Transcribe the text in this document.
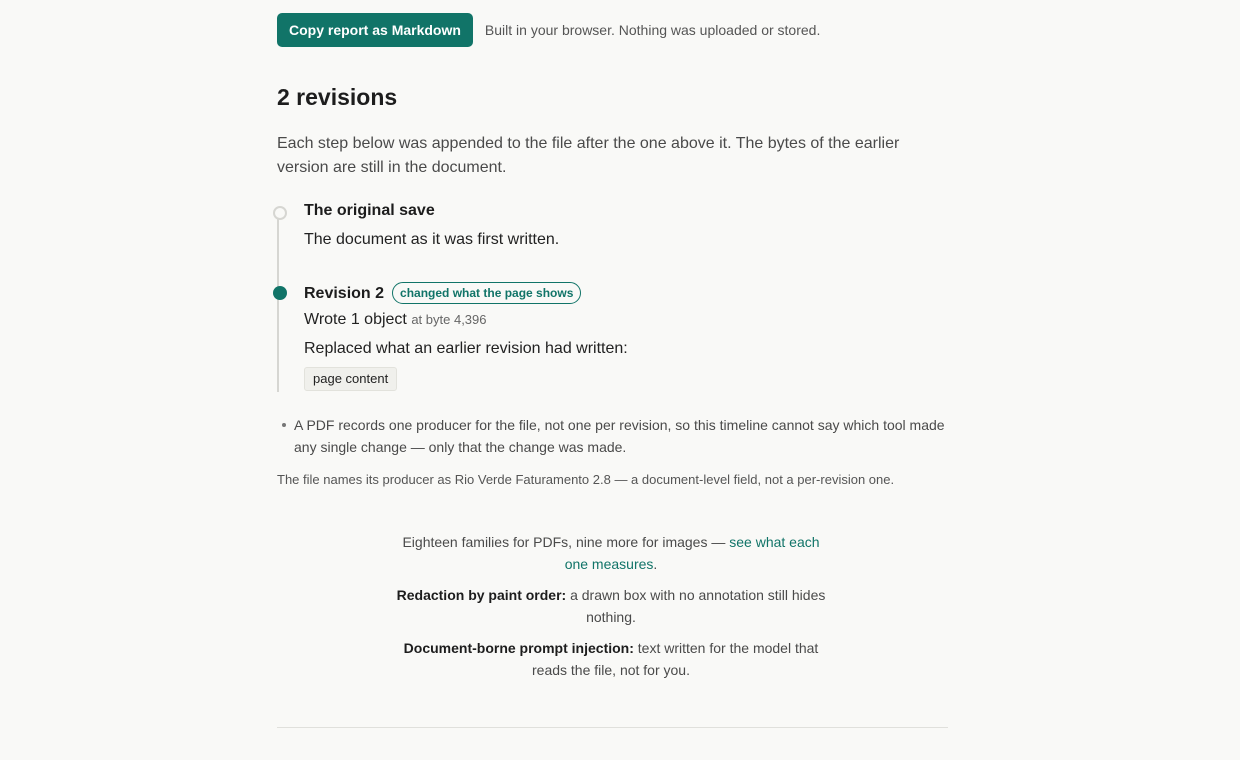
Copy report as Markdown	Built in your browser. Nothing was uploaded or stored.
2 revisions

Each step below was appended to the file after the one above it. The bytes of the earlier version are still in the document.

The original save
The document as it was first written.
Revision 2 changed what the page shows
Wrote 1 object at byte 4,396
Replaced what an earlier revision had written:
page content
A PDF records one producer for the file, not one per revision, so this timeline cannot say which tool made any single change — only that the change was made.

The file names its producer as Rio Verde Faturamento 2.8 — a document-level field, not a per-revision one.

Eighteen families for PDFs, nine more for images — see what each one measures.

Redaction by paint order: a drawn box with no annotation still hides nothing.

Document-borne prompt injection: text written for the model that reads the file, not for you.
